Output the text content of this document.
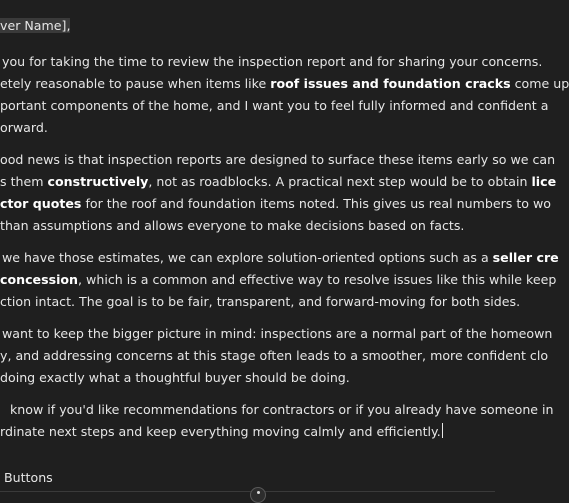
ver Name],
you for taking the time to review the inspection report and for sharing your concerns.
etely reasonable to pause when items like roof issues and foundation cracks come up
portant components of the home, and I want you to feel fully informed and confident a
orward.
ood news is that inspection reports are designed to surface these items early so we can
s them constructively, not as roadblocks. A practical next step would be to obtain lice
ctor quotes for the roof and foundation items noted. This gives us real numbers to wo
than assumptions and allows everyone to make decisions based on facts.
we have those estimates, we can explore solution-oriented options such as a seller cre
concession, which is a common and effective way to resolve issues like this while keep
ction intact. The goal is to be fair, transparent, and forward-moving for both sides.
want to keep the bigger picture in mind: inspections are a normal part of the homeown
y, and addressing concerns at this stage often leads to a smoother, more confident clo
doing exactly what a thoughtful buyer should be doing.
know if you'd like recommendations for contractors or if you already have someone in
rdinate next steps and keep everything moving calmly and efficiently.
Buttons
